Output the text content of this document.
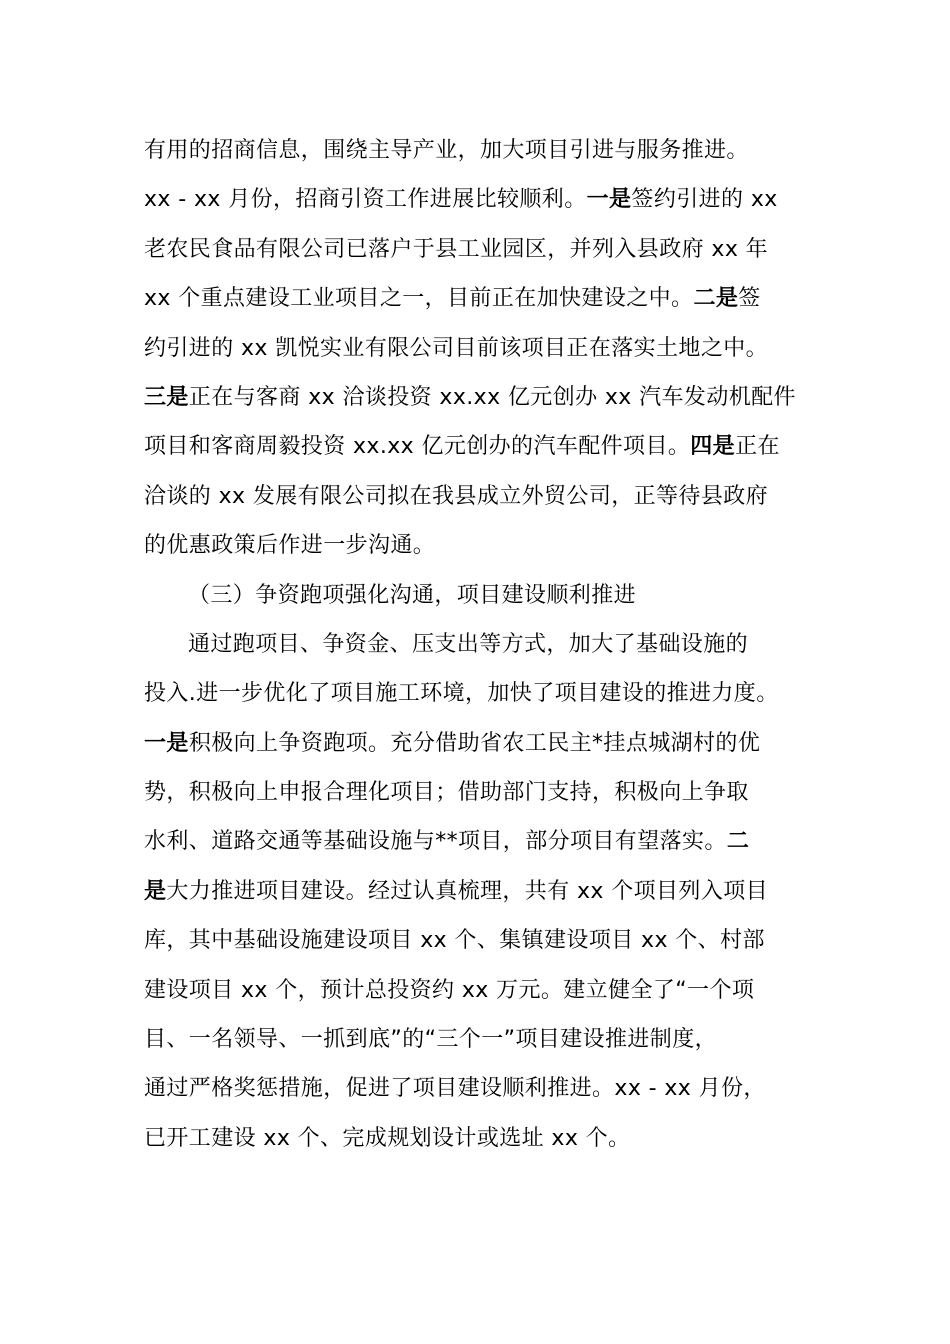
有用的招商信息，围绕主导产业，加大项目引进与服务推进。
xx - xx 月份，招商引资工作进展比较顺利。一是签约引进的 xx
老农民食品有限公司已落户于县工业园区，并列入县政府 xx 年
xx 个重点建设工业项目之一，目前正在加快建设之中。二是签
约引进的 xx 凯悦实业有限公司目前该项目正在落实土地之中。
三是正在与客商 xx 洽谈投资 xx.xx 亿元创办 xx 汽车发动机配件
项目和客商周毅投资 xx.xx 亿元创办的汽车配件项目。四是正在
洽谈的 xx 发展有限公司拟在我县成立外贸公司，正等待县政府
的优惠政策后作进一步沟通。
（三）争资跑项强化沟通，项目建设顺利推进
通过跑项目、争资金、压支出等方式，加大了基础设施的
投入.进一步优化了项目施工环境，加快了项目建设的推进力度。
一是积极向上争资跑项。充分借助省农工民主*挂点城湖村的优
势，积极向上申报合理化项目；借助部门支持，积极向上争取
水利、道路交通等基础设施与**项目，部分项目有望落实。二
是大力推进项目建设。经过认真梳理，共有 xx 个项目列入项目
库，其中基础设施建设项目 xx 个、集镇建设项目 xx 个、村部
建设项目 xx 个，预计总投资约 xx 万元。建立健全了“一个项
目、一名领导、一抓到底”的“三个一”项目建设推进制度，
通过严格奖惩措施，促进了项目建设顺利推进。xx - xx 月份，
已开工建设 xx 个、完成规划设计或选址 xx 个。
